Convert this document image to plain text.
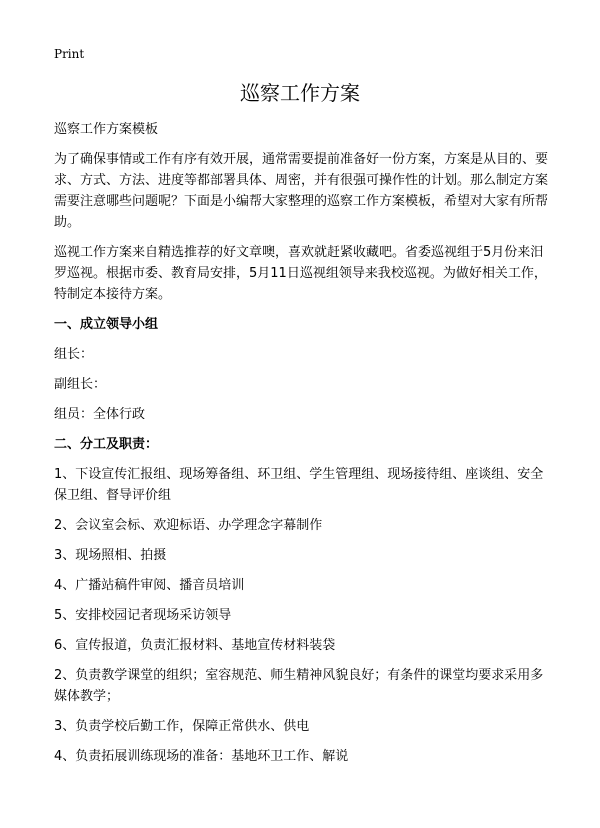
Print
巡察工作方案

巡察工作方案模板

为了确保事情或工作有序有效开展，通常需要提前准备好一份方案，方案是从目的、要求、方式、方法、进度等都部署具体、周密，并有很强可操作性的计划。那么制定方案需要注意哪些问题呢？下面是小编帮大家整理的巡察工作方案模板，希望对大家有所帮助。

巡视工作方案来自精选推荐的好文章噢，喜欢就赶紧收藏吧。省委巡视组于5月份来汨罗巡视。根据市委、教育局安排，5月11日巡视组领导来我校巡视。为做好相关工作，特制定本接待方案。

一、成立领导小组

组长：

副组长：

组员：全体行政

二、分工及职责：

1、下设宣传汇报组、现场筹备组、环卫组、学生管理组、现场接待组、座谈组、安全保卫组、督导评价组

2、会议室会标、欢迎标语、办学理念字幕制作

3、现场照相、拍摄

4、广播站稿件审阅、播音员培训

5、安排校园记者现场采访领导

6、宣传报道，负责汇报材料、基地宣传材料装袋

2、负责教学课堂的组织；室容规范、师生精神风貌良好；有条件的课堂均要求采用多媒体教学；

3、负责学校后勤工作，保障正常供水、供电

4、负责拓展训练现场的准备：基地环卫工作、解说
